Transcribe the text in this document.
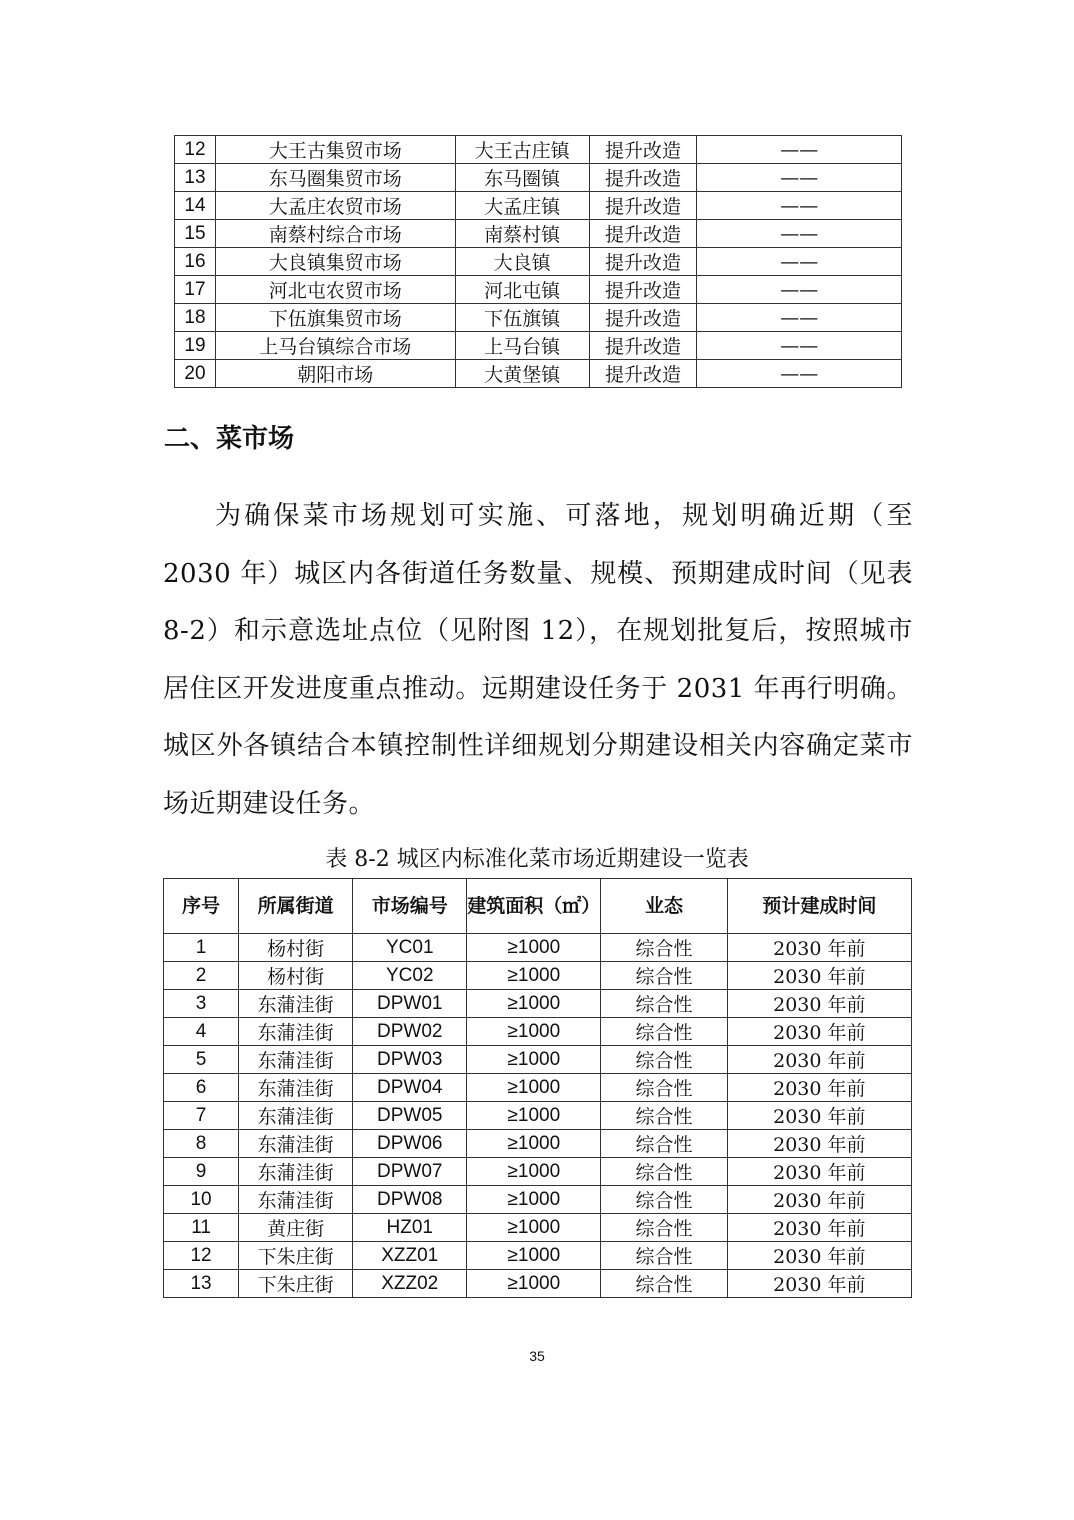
12	大王古集贸市场	大王古庄镇	提升改造	——
13	东马圈集贸市场	东马圈镇	提升改造	——
14	大孟庄农贸市场	大孟庄镇	提升改造	——
15	南蔡村综合市场	南蔡村镇	提升改造	——
16	大良镇集贸市场	大良镇	提升改造	——
17	河北屯农贸市场	河北屯镇	提升改造	——
18	下伍旗集贸市场	下伍旗镇	提升改造	——
19	上马台镇综合市场	上马台镇	提升改造	——
20	朝阳市场	大黄堡镇	提升改造	——
二、菜市场

为确保菜市场规划可实施、可落地，规划明确近期（至 2030 年）城区内各街道任务数量、规模、预期建成时间（见表 8-2）和示意选址点位（见附图 12），在规划批复后，按照城市居住区开发进度重点推动。远期建设任务于 2031 年再行明确。城区外各镇结合本镇控制性详细规划分期建设相关内容确定菜市场近期建设任务。

表 8-2 城区内标准化菜市场近期建设一览表

序号	所属街道	市场编号	建筑面积（㎡）	业态	预计建成时间
1	杨村街	YC01	≥1000	综合性	2030 年前
2	杨村街	YC02	≥1000	综合性	2030 年前
3	东蒲洼街	DPW01	≥1000	综合性	2030 年前
4	东蒲洼街	DPW02	≥1000	综合性	2030 年前
5	东蒲洼街	DPW03	≥1000	综合性	2030 年前
6	东蒲洼街	DPW04	≥1000	综合性	2030 年前
7	东蒲洼街	DPW05	≥1000	综合性	2030 年前
8	东蒲洼街	DPW06	≥1000	综合性	2030 年前
9	东蒲洼街	DPW07	≥1000	综合性	2030 年前
10	东蒲洼街	DPW08	≥1000	综合性	2030 年前
11	黄庄街	HZ01	≥1000	综合性	2030 年前
12	下朱庄街	XZZ01	≥1000	综合性	2030 年前
13	下朱庄街	XZZ02	≥1000	综合性	2030 年前

35
